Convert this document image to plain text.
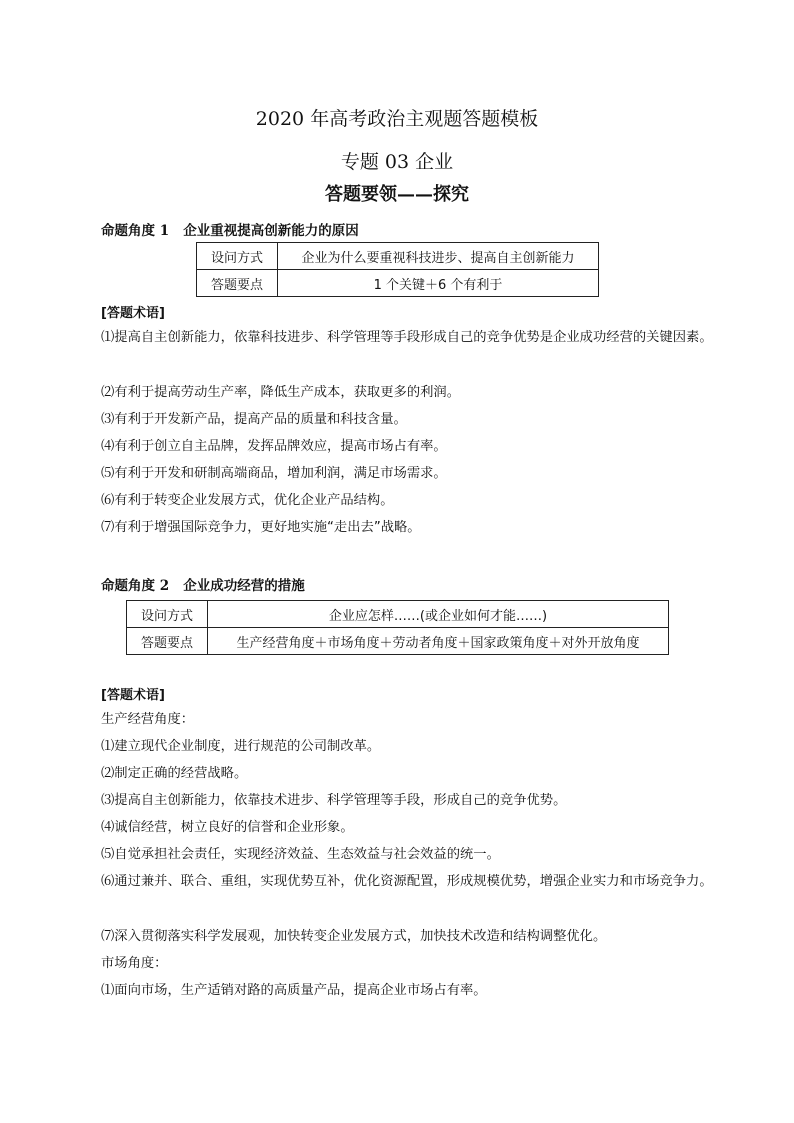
2020 年高考政治主观题答题模板
专题 03 企业
答题要领——探究
命题角度 1 企业重视提高创新能力的原因
设问方式	企业为什么要重视科技进步、提高自主创新能力
答题要点	1 个关键＋6 个有利于
[答题术语]
⑴提高自主创新能力，依靠科技进步、科学管理等手段形成自己的竞争优势是企业成功经营的关键因素。
⑵有利于提高劳动生产率，降低生产成本，获取更多的利润。
⑶有利于开发新产品，提高产品的质量和科技含量。
⑷有利于创立自主品牌，发挥品牌效应，提高市场占有率。
⑸有利于开发和研制高端商品，增加利润，满足市场需求。
⑹有利于转变企业发展方式，优化企业产品结构。
⑺有利于增强国际竞争力，更好地实施“走出去”战略。
命题角度 2 企业成功经营的措施
设问方式	企业应怎样……(或企业如何才能……)
答题要点	生产经营角度＋市场角度＋劳动者角度＋国家政策角度＋对外开放角度
[答题术语]
生产经营角度：
⑴建立现代企业制度，进行规范的公司制改革。
⑵制定正确的经营战略。
⑶提高自主创新能力，依靠技术进步、科学管理等手段，形成自己的竞争优势。
⑷诚信经营，树立良好的信誉和企业形象。
⑸自觉承担社会责任，实现经济效益、生态效益与社会效益的统一。
⑹通过兼并、联合、重组，实现优势互补，优化资源配置，形成规模优势，增强企业实力和市场竞争力。
⑺深入贯彻落实科学发展观，加快转变企业发展方式，加快技术改造和结构调整优化。
市场角度：
⑴面向市场，生产适销对路的高质量产品，提高企业市场占有率。
